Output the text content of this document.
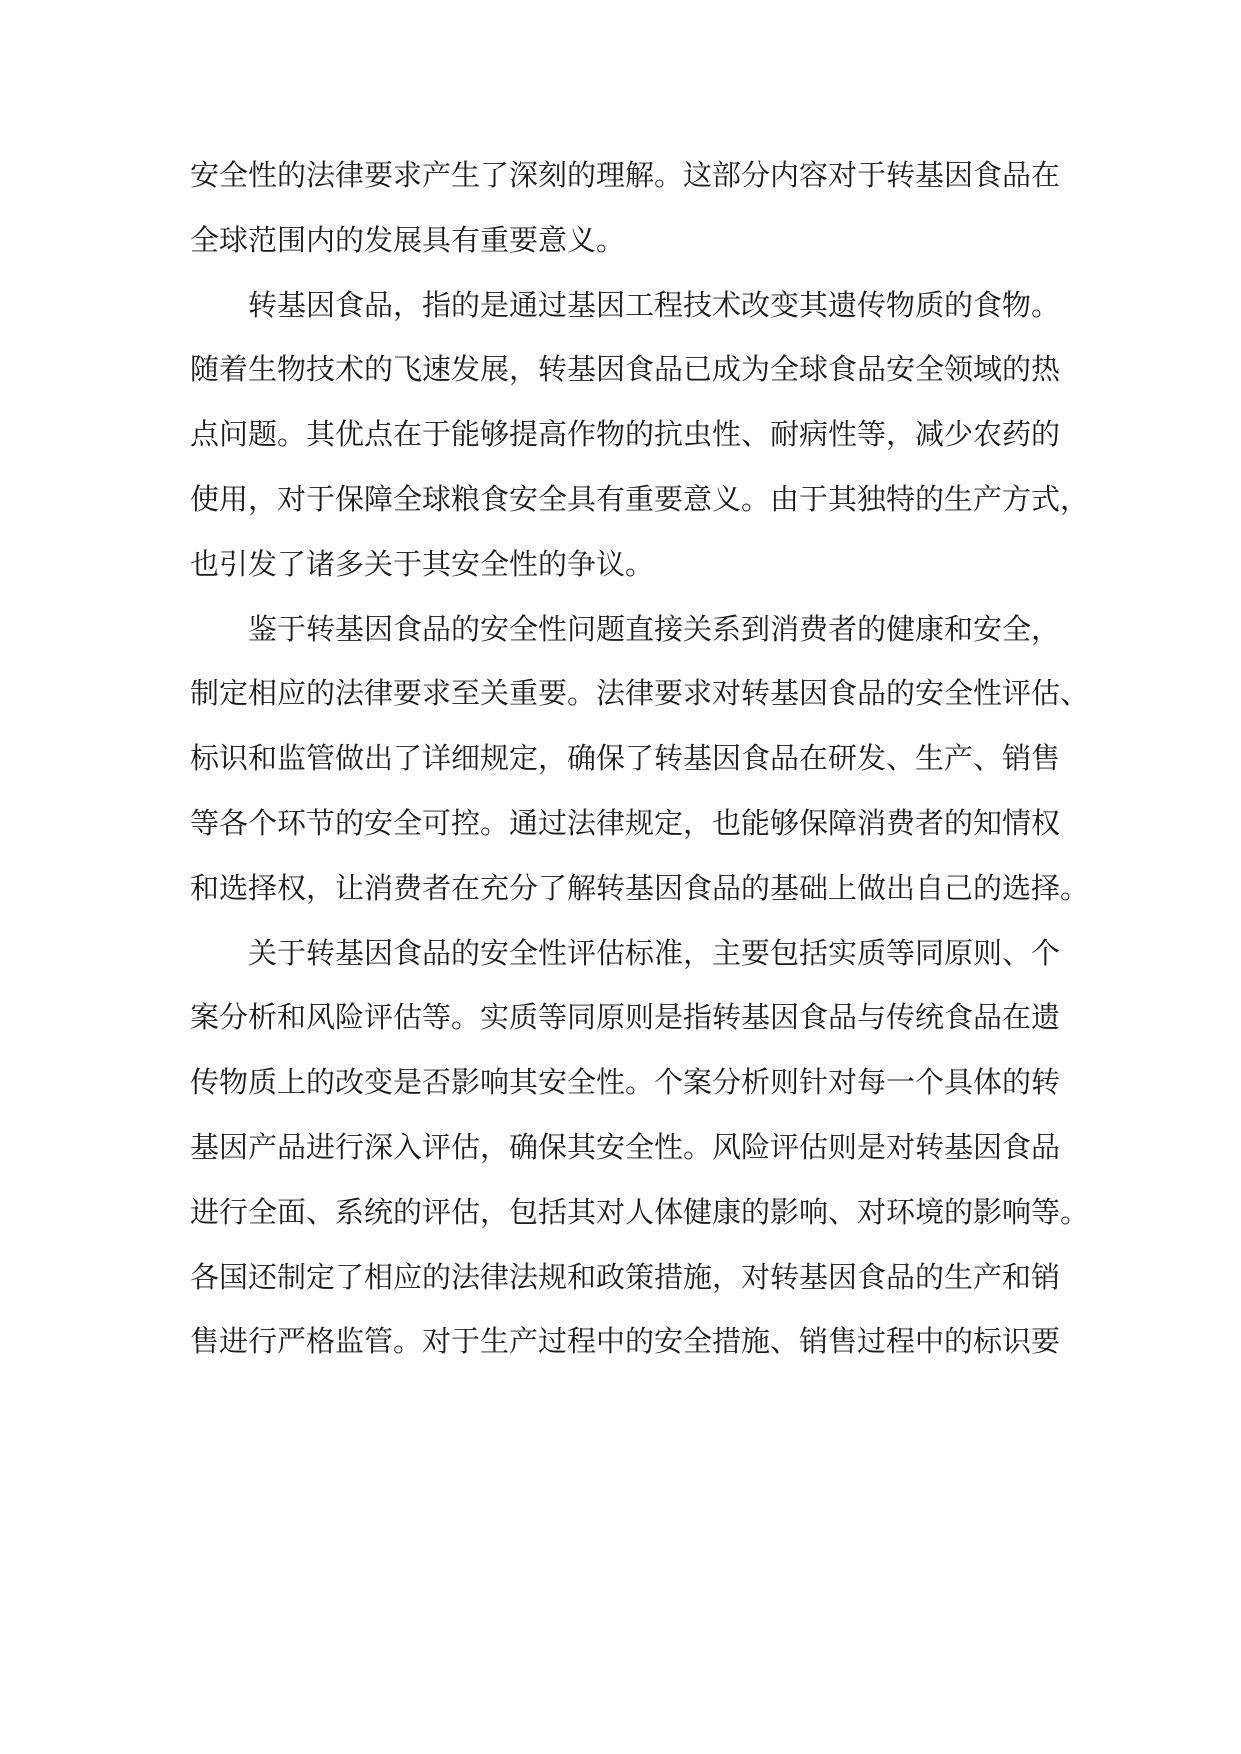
安全性的法律要求产生了深刻的理解。这部分内容对于转基因食品在
全球范围内的发展具有重要意义。
转基因食品，指的是通过基因工程技术改变其遗传物质的食物。
随着生物技术的飞速发展，转基因食品已成为全球食品安全领域的热
点问题。其优点在于能够提高作物的抗虫性、耐病性等，减少农药的
使用，对于保障全球粮食安全具有重要意义。由于其独特的生产方式，
也引发了诸多关于其安全性的争议。
鉴于转基因食品的安全性问题直接关系到消费者的健康和安全，
制定相应的法律要求至关重要。法律要求对转基因食品的安全性评估、
标识和监管做出了详细规定，确保了转基因食品在研发、生产、销售
等各个环节的安全可控。通过法律规定，也能够保障消费者的知情权
和选择权，让消费者在充分了解转基因食品的基础上做出自己的选择。
关于转基因食品的安全性评估标准，主要包括实质等同原则、个
案分析和风险评估等。实质等同原则是指转基因食品与传统食品在遗
传物质上的改变是否影响其安全性。个案分析则针对每一个具体的转
基因产品进行深入评估，确保其安全性。风险评估则是对转基因食品
进行全面、系统的评估，包括其对人体健康的影响、对环境的影响等。
各国还制定了相应的法律法规和政策措施，对转基因食品的生产和销
售进行严格监管。对于生产过程中的安全措施、销售过程中的标识要
